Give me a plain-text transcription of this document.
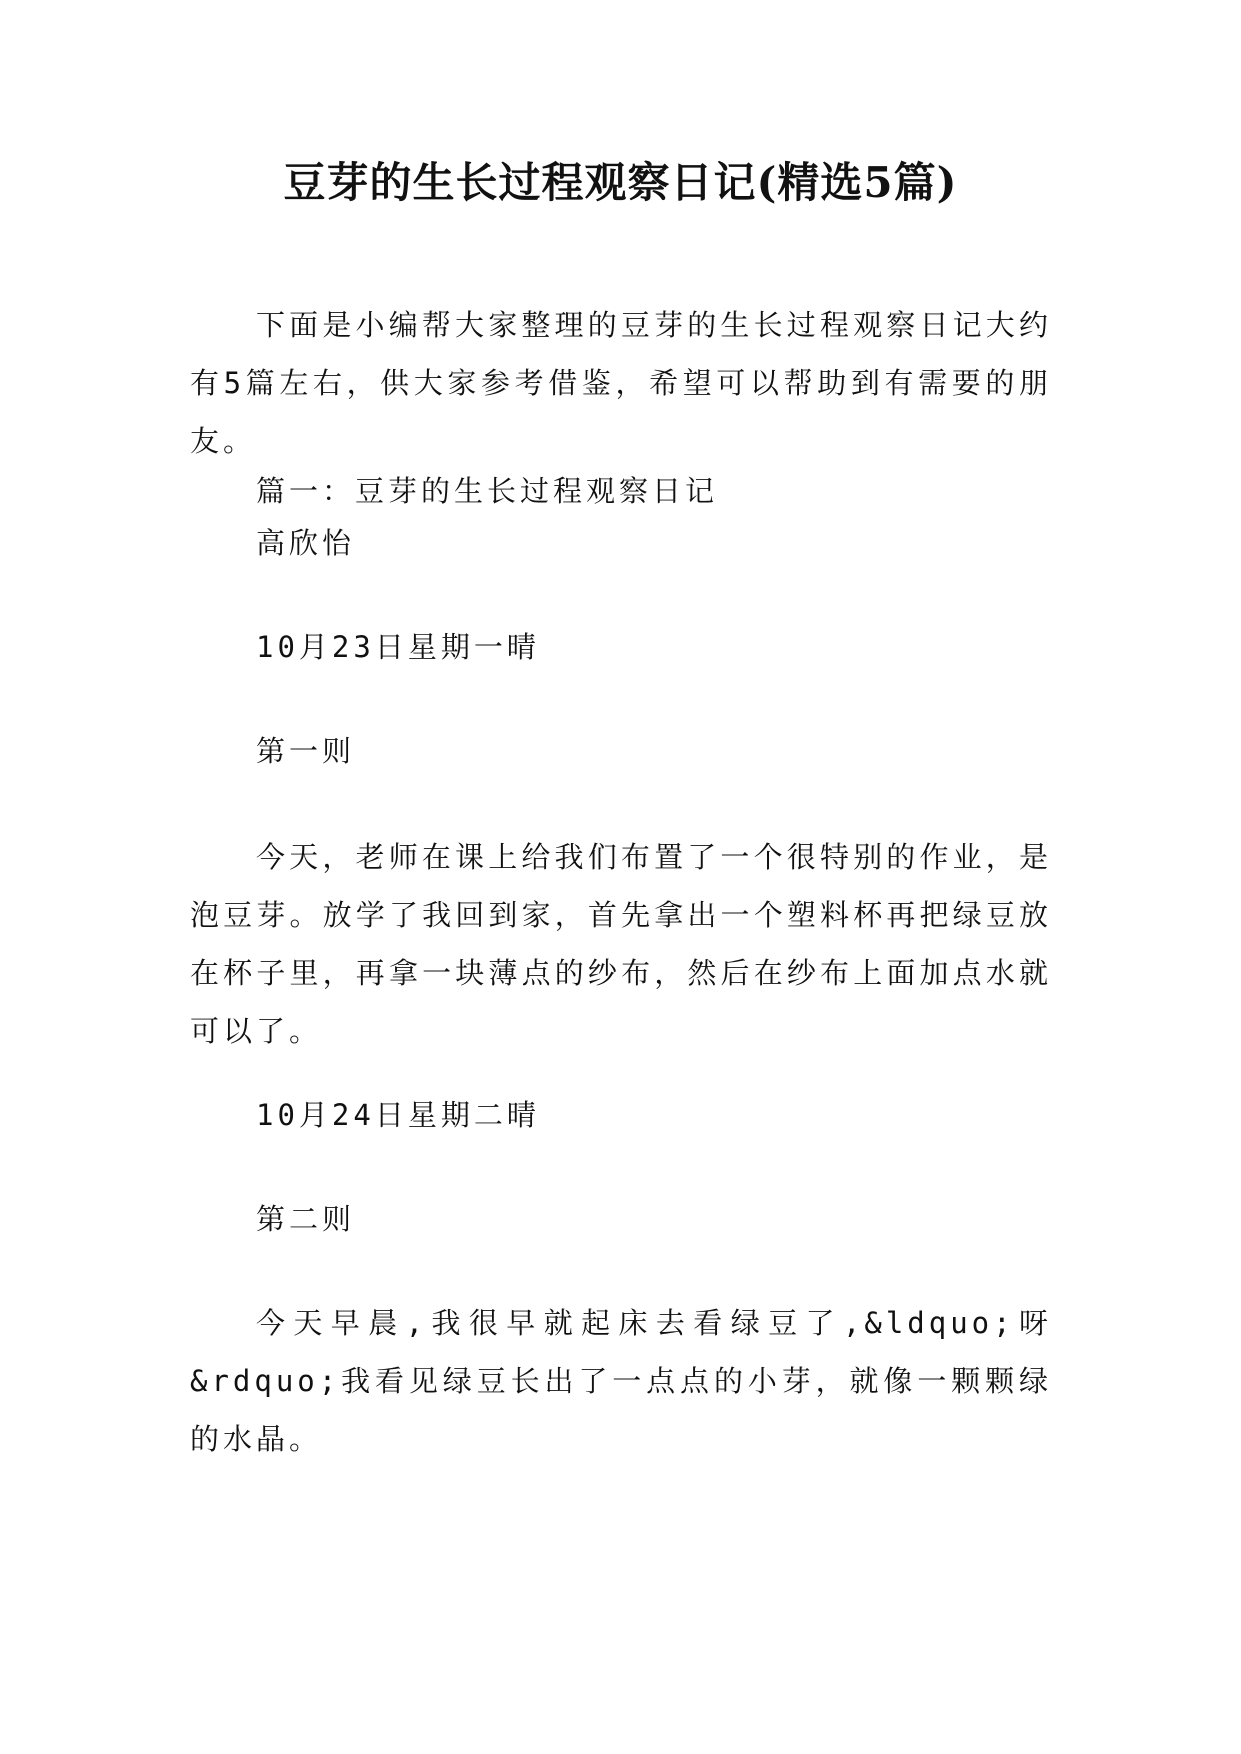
豆芽的生长过程观察日记(精选5篇)

下面是小编帮大家整理的豆芽的生长过程观察日记大约有5篇左右，供大家参考借鉴，希望可以帮助到有需要的朋友。

篇一：豆芽的生长过程观察日记

高欣怡

10月23日星期一晴

第一则

今天，老师在课上给我们布置了一个很特别的作业，是泡豆芽。放学了我回到家，首先拿出一个塑料杯再把绿豆放在杯子里，再拿一块薄点的纱布，然后在纱布上面加点水就可以了。

10月24日星期二晴

第二则

今天早晨,我很早就起床去看绿豆了,&ldquo;呀&rdquo;我看见绿豆长出了一点点的小芽，就像一颗颗绿的水晶。
